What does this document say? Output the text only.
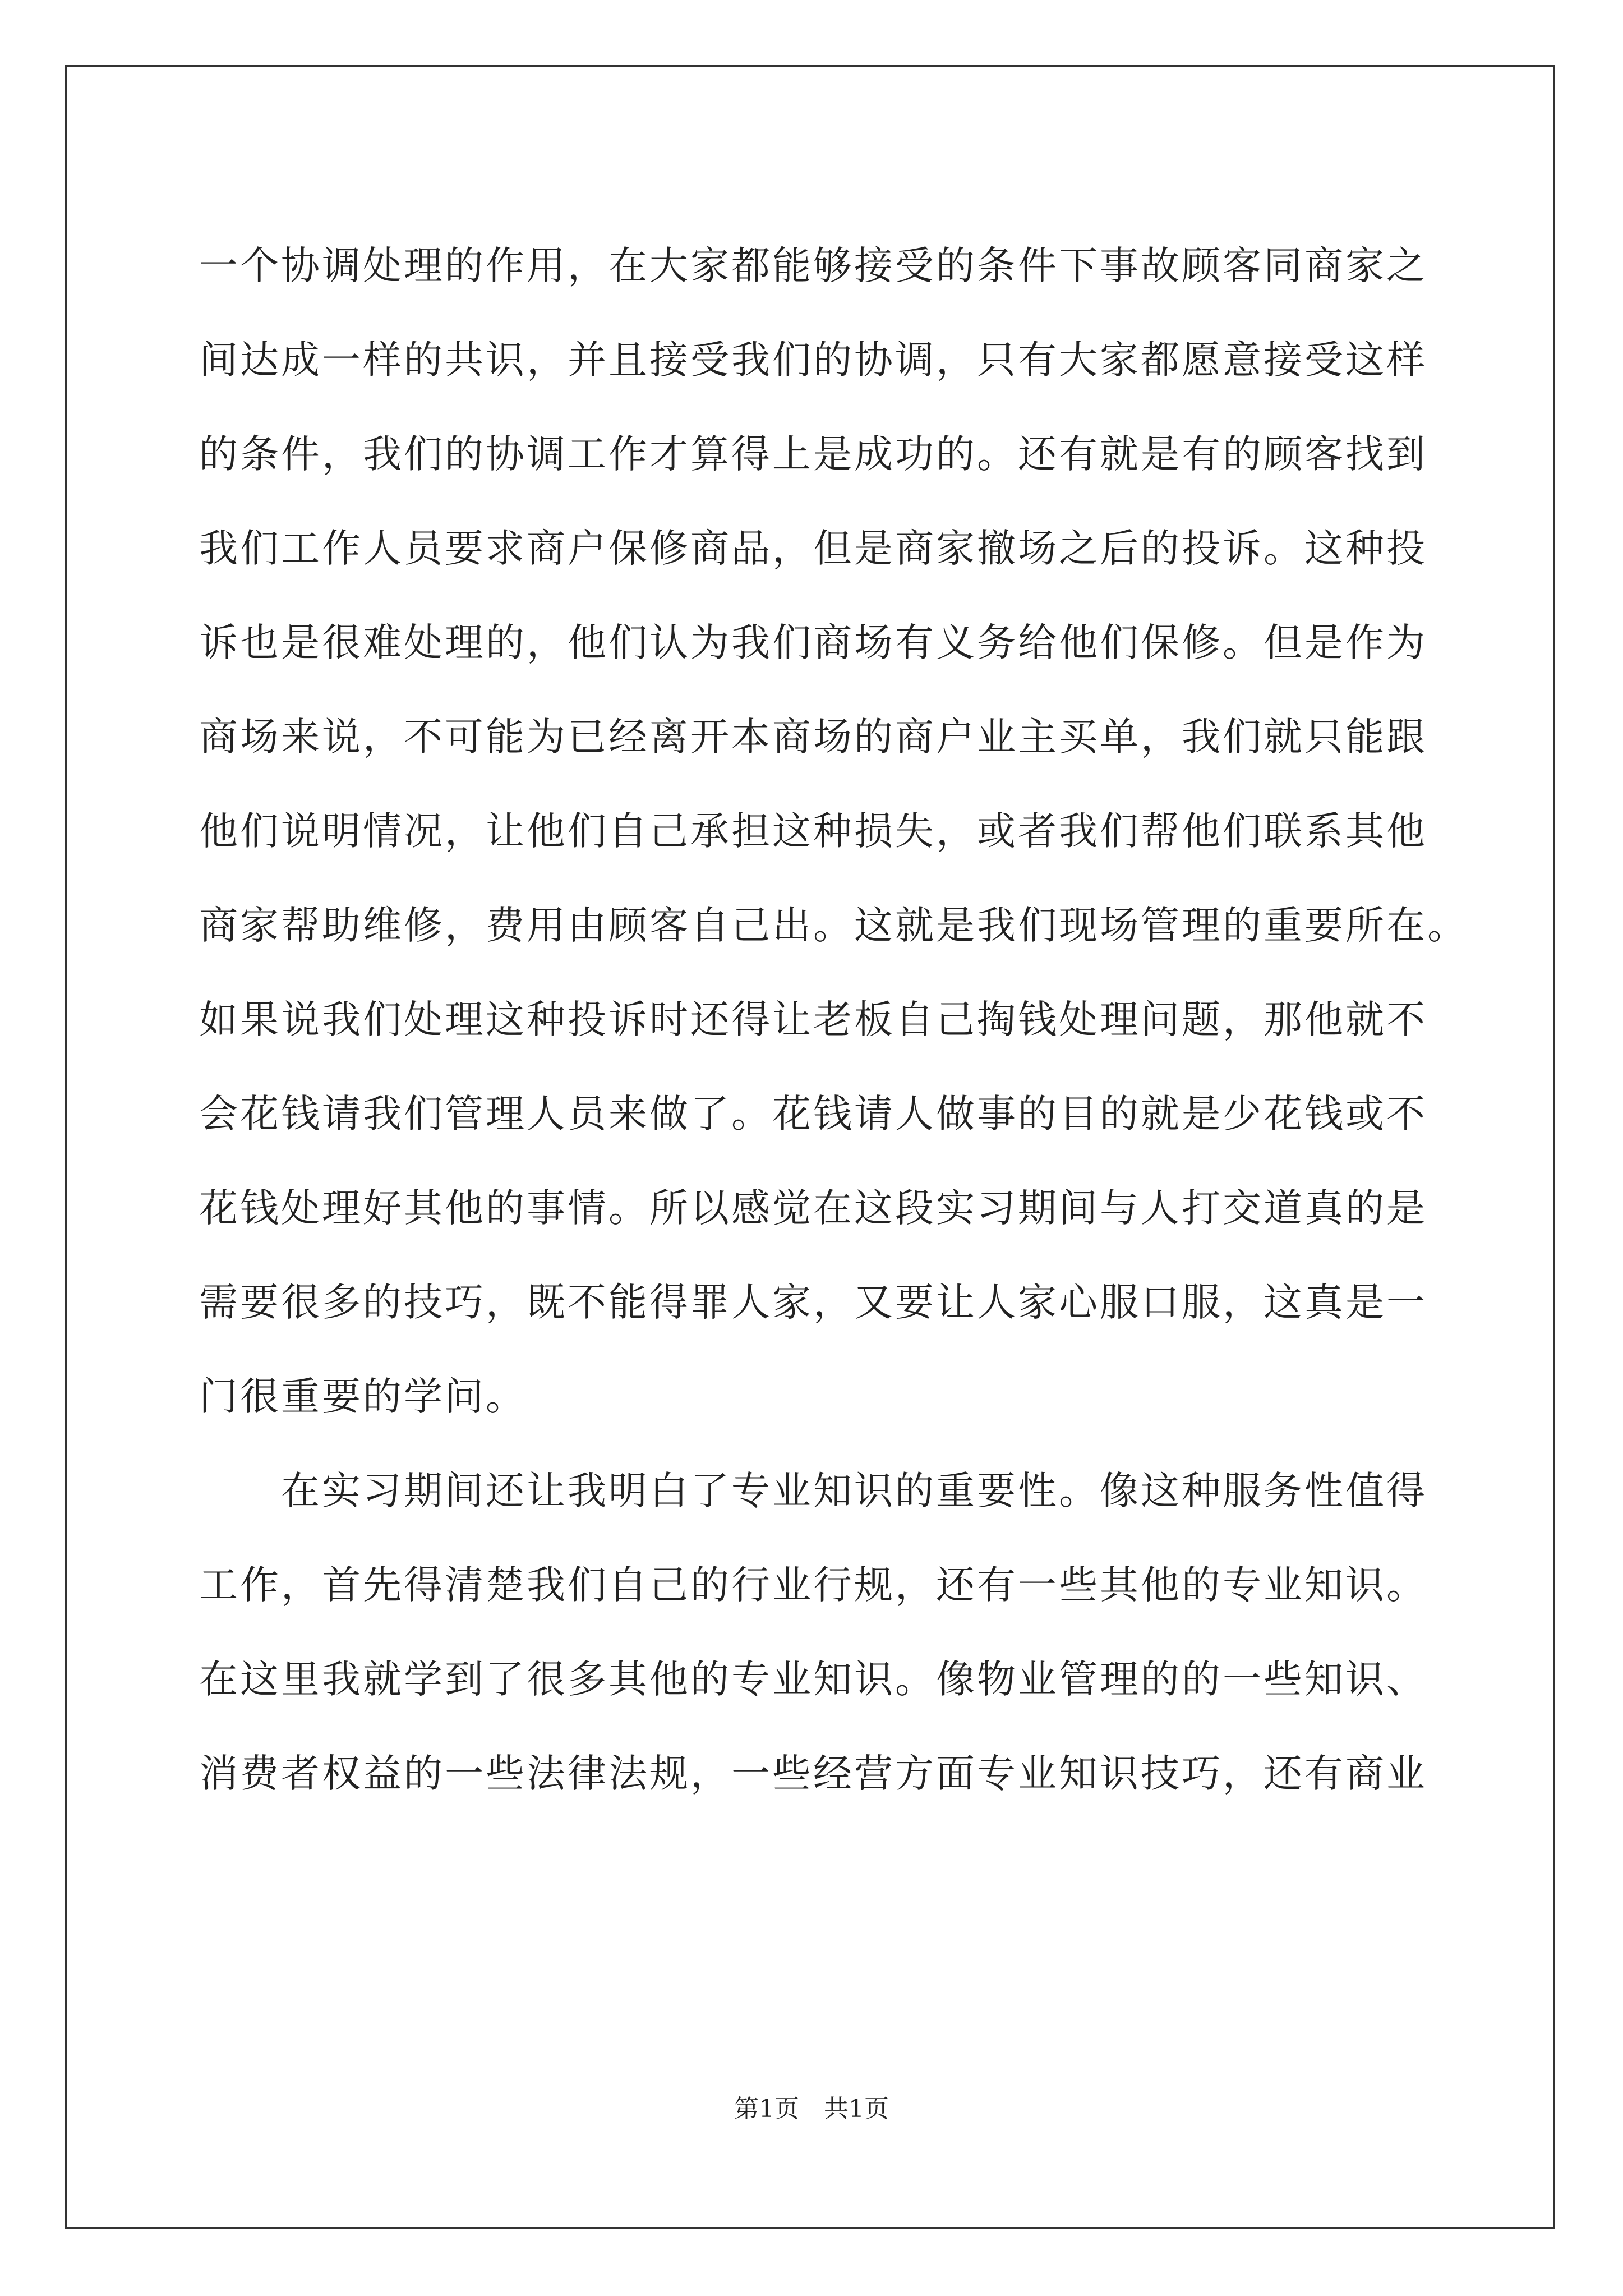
一个协调处理的作用，在大家都能够接受的条件下事故顾客同商家之
间达成一样的共识，并且接受我们的协调，只有大家都愿意接受这样
的条件，我们的协调工作才算得上是成功的。还有就是有的顾客找到
我们工作人员要求商户保修商品，但是商家撤场之后的投诉。这种投
诉也是很难处理的，他们认为我们商场有义务给他们保修。但是作为
商场来说，不可能为已经离开本商场的商户业主买单，我们就只能跟
他们说明情况，让他们自己承担这种损失，或者我们帮他们联系其他
商家帮助维修，费用由顾客自己出。这就是我们现场管理的重要所在。
如果说我们处理这种投诉时还得让老板自己掏钱处理问题，那他就不
会花钱请我们管理人员来做了。花钱请人做事的目的就是少花钱或不
花钱处理好其他的事情。所以感觉在这段实习期间与人打交道真的是
需要很多的技巧，既不能得罪人家，又要让人家心服口服，这真是一
门很重要的学问。
　　在实习期间还让我明白了专业知识的重要性。像这种服务性值得
工作，首先得清楚我们自己的行业行规，还有一些其他的专业知识。
在这里我就学到了很多其他的专业知识。像物业管理的的一些知识、
消费者权益的一些法律法规，一些经营方面专业知识技巧，还有商业
第1页 共1页
